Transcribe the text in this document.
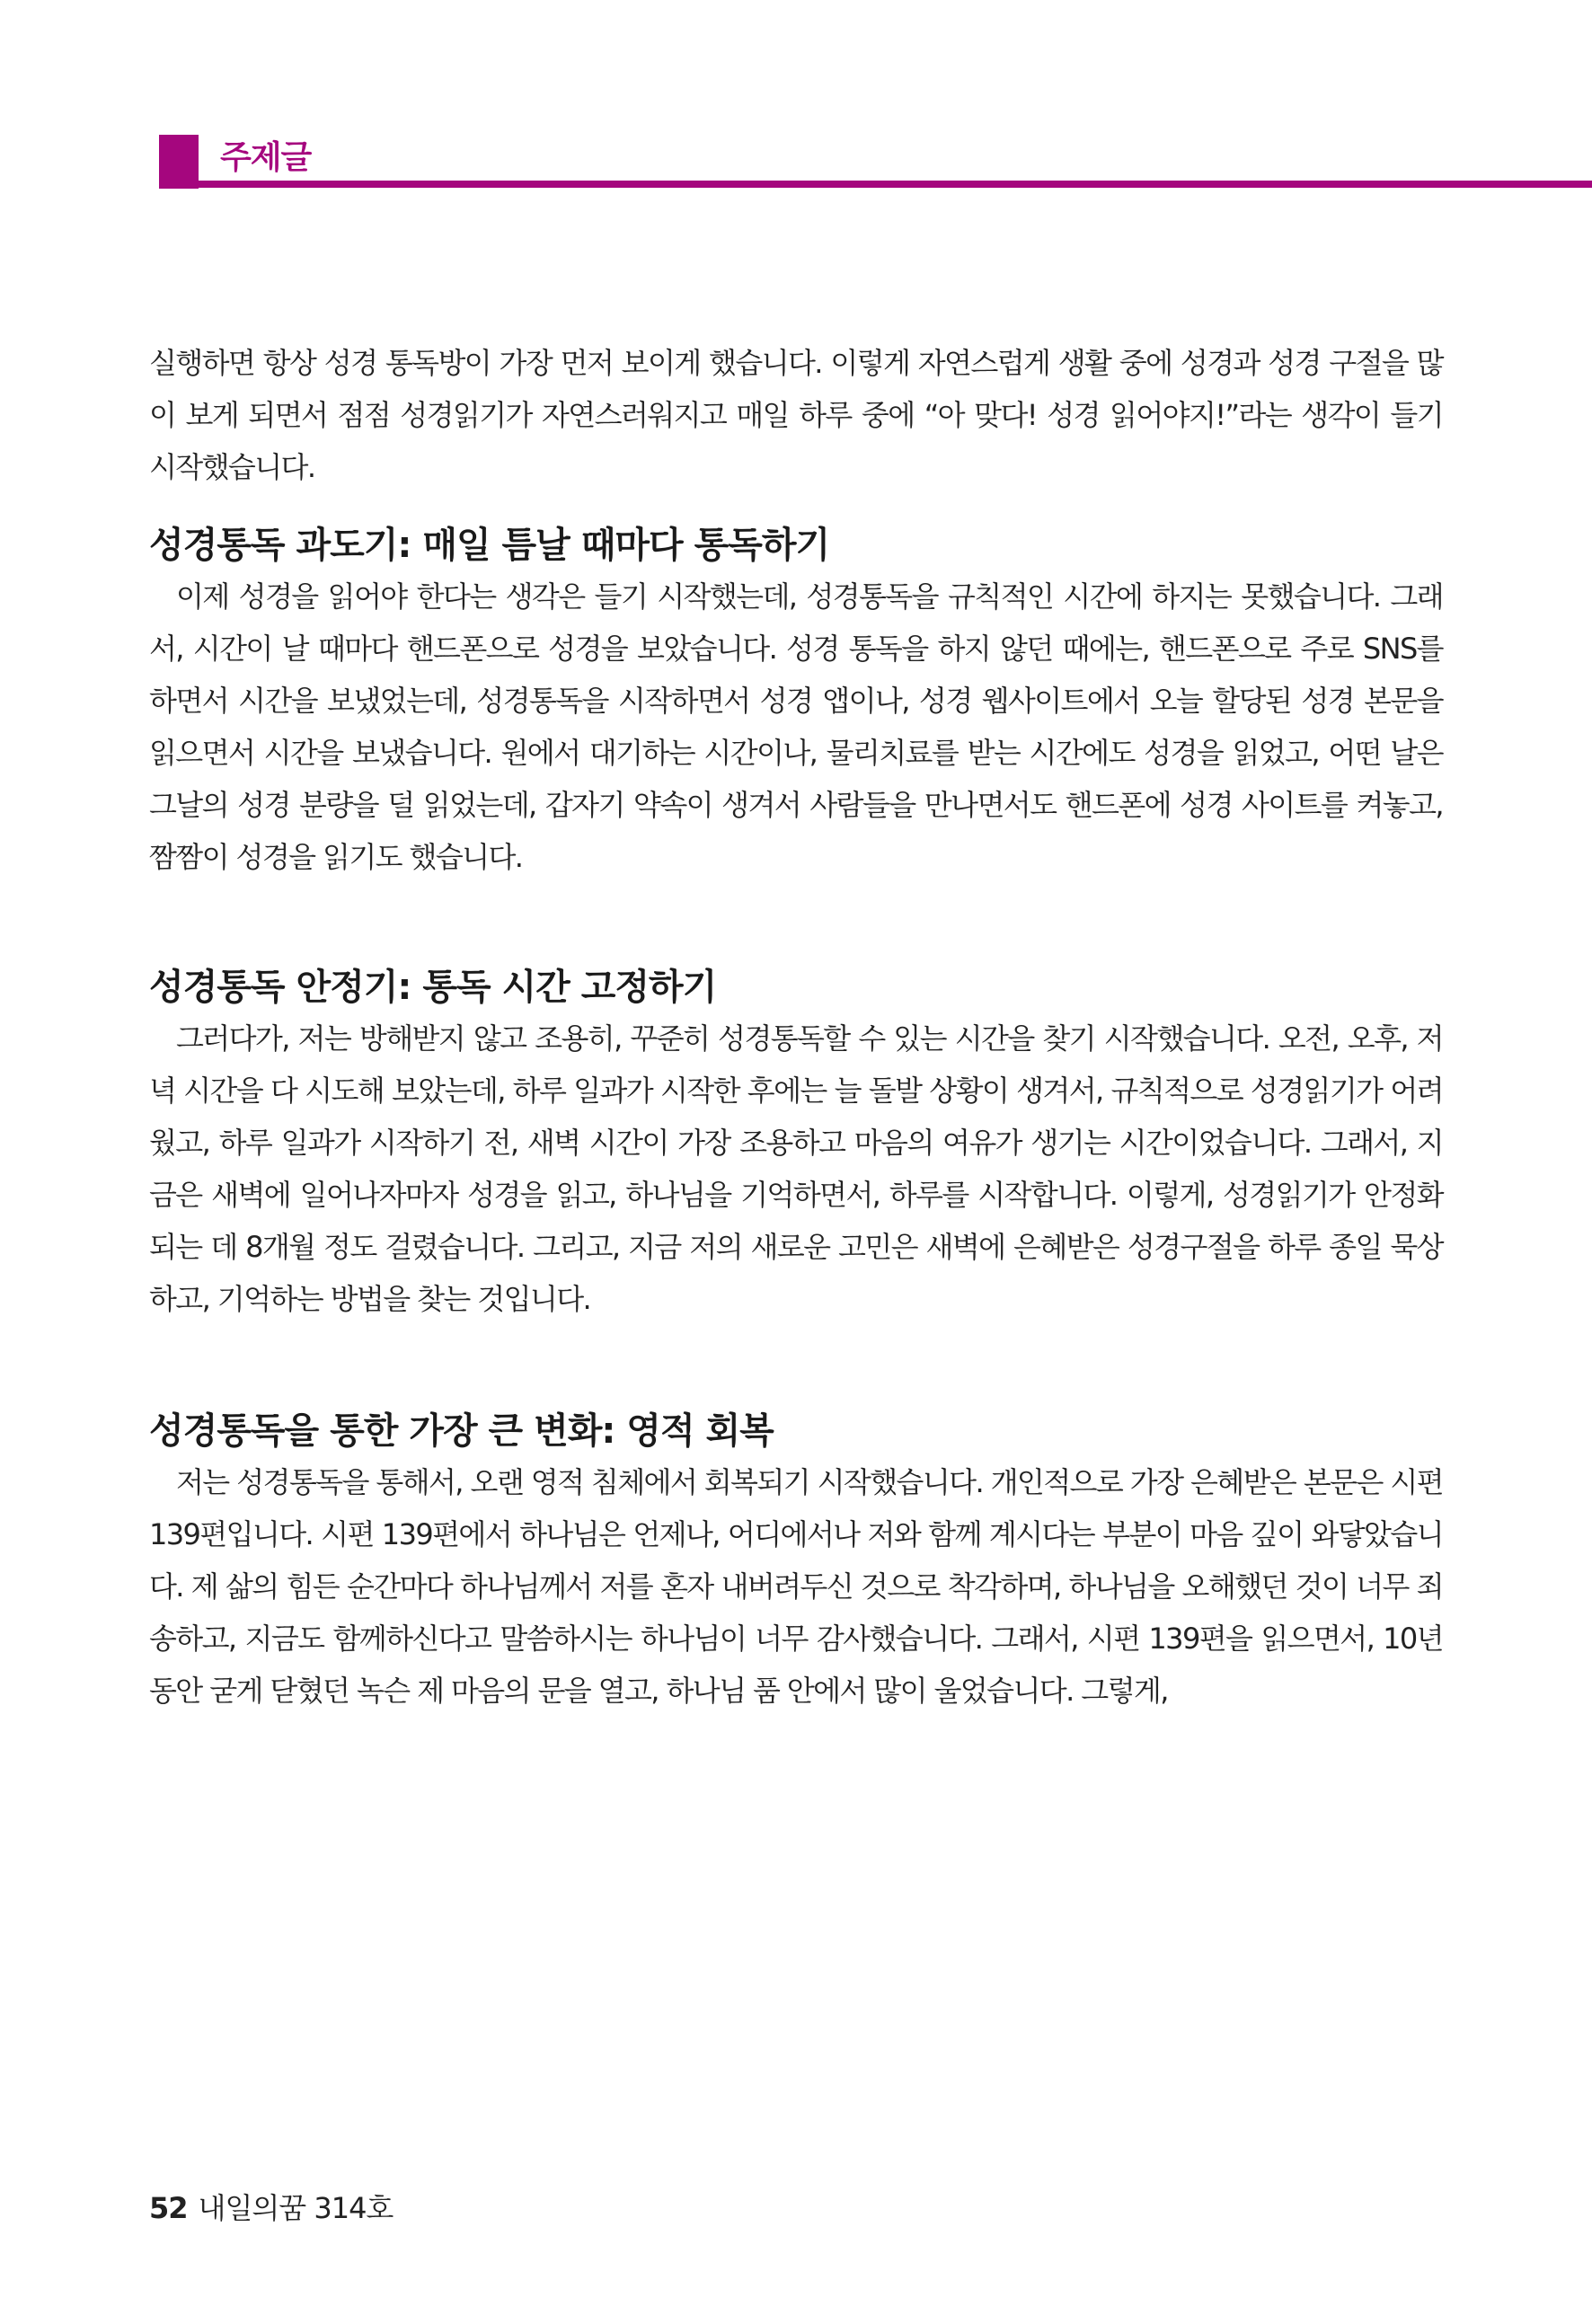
주제글

실행하면 항상 성경 통독방이 가장 먼저 보이게 했습니다. 이렇게 자연스럽게 생활 중에 성경과 성경 구절을 많이 보게 되면서 점점 성경읽기가 자연스러워지고 매일 하루 중에 “아 맞다! 성경 읽어야지!”라는 생각이 들기 시작했습니다.

성경통독 과도기: 매일 틈날 때마다 통독하기

이제 성경을 읽어야 한다는 생각은 들기 시작했는데, 성경통독을 규칙적인 시간에 하지는 못했습니다. 그래서, 시간이 날 때마다 핸드폰으로 성경을 보았습니다. 성경 통독을 하지 않던 때에는, 핸드폰으로 주로 SNS를 하면서 시간을 보냈었는데, 성경통독을 시작하면서 성경 앱이나, 성경 웹사이트에서 오늘 할당된 성경 본문을 읽으면서 시간을 보냈습니다. 원에서 대기하는 시간이나, 물리치료를 받는 시간에도 성경을 읽었고, 어떤 날은 그날의 성경 분량을 덜 읽었는데, 갑자기 약속이 생겨서 사람들을 만나면서도 핸드폰에 성경 사이트를 켜놓고, 짬짬이 성경을 읽기도 했습니다.

성경통독 안정기: 통독 시간 고정하기

그러다가, 저는 방해받지 않고 조용히, 꾸준히 성경통독할 수 있는 시간을 찾기 시작했습니다. 오전, 오후, 저녁 시간을 다 시도해 보았는데, 하루 일과가 시작한 후에는 늘 돌발 상황이 생겨서, 규칙적으로 성경읽기가 어려웠고, 하루 일과가 시작하기 전, 새벽 시간이 가장 조용하고 마음의 여유가 생기는 시간이었습니다. 그래서, 지금은 새벽에 일어나자마자 성경을 읽고, 하나님을 기억하면서, 하루를 시작합니다. 이렇게, 성경읽기가 안정화되는 데 8개월 정도 걸렸습니다. 그리고, 지금 저의 새로운 고민은 새벽에 은혜받은 성경구절을 하루 종일 묵상하고, 기억하는 방법을 찾는 것입니다.

성경통독을 통한 가장 큰 변화: 영적 회복

저는 성경통독을 통해서, 오랜 영적 침체에서 회복되기 시작했습니다. 개인적으로 가장 은혜받은 본문은 시편 139편입니다. 시편 139편에서 하나님은 언제나, 어디에서나 저와 함께 계시다는 부분이 마음 깊이 와닿았습니다. 제 삶의 힘든 순간마다 하나님께서 저를 혼자 내버려두신 것으로 착각하며, 하나님을 오해했던 것이 너무 죄송하고, 지금도 함께하신다고 말씀하시는 하나님이 너무 감사했습니다. 그래서, 시편 139편을 읽으면서, 10년 동안 굳게 닫혔던 녹슨 제 마음의 문을 열고, 하나님 품 안에서 많이 울었습니다. 그렇게,

52 내일의꿈 314호
